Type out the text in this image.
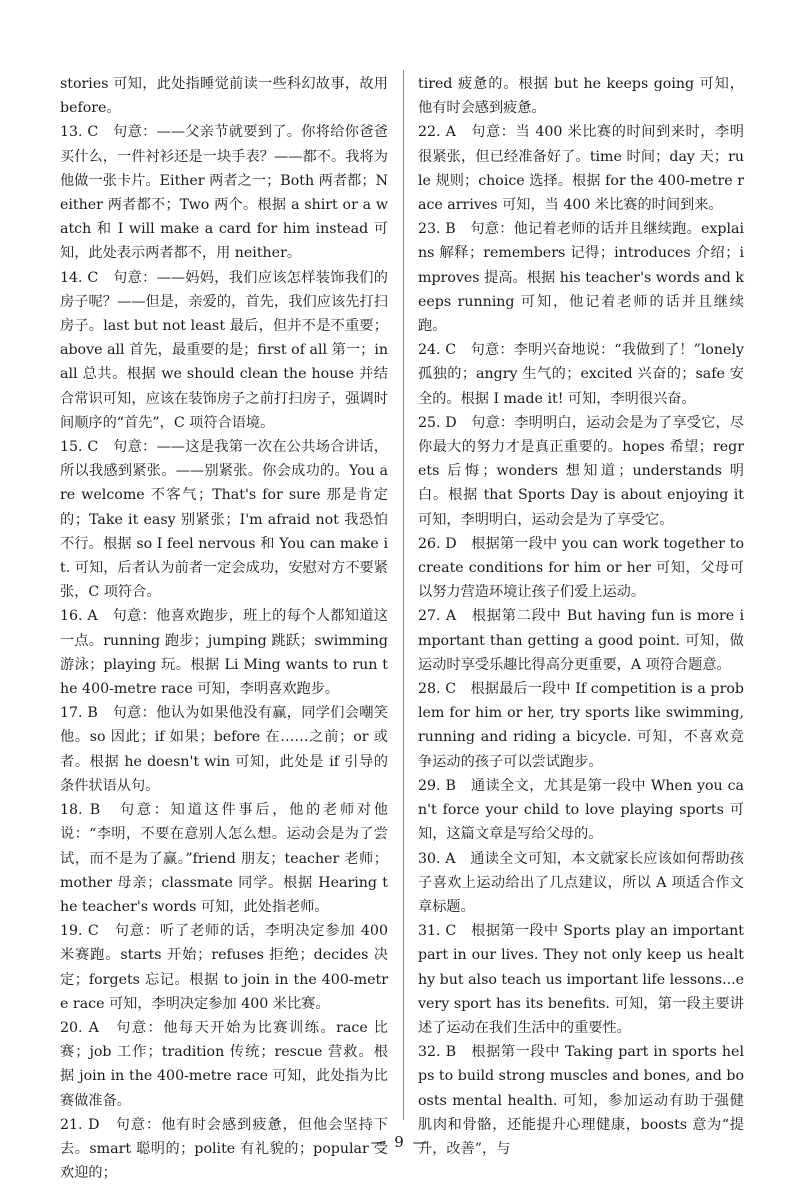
stories 可知，此处指睡觉前读一些科幻故事，故用 before。

13. C　句意：——父亲节就要到了。你将给你爸爸买什么，一件衬衫还是一块手表？——都不。我将为他做一张卡片。Either 两者之一；Both 两者都；Neither 两者都不；Two 两个。根据 a shirt or a watch 和 I will make a card for him instead 可知，此处表示两者都不，用 neither。

14. C　句意：——妈妈，我们应该怎样装饰我们的房子呢？——但是，亲爱的，首先，我们应该先打扫房子。last but not least 最后，但并不是不重要；above all 首先，最重要的是；first of all 第一；in all 总共。根据 we should clean the house 并结合常识可知，应该在装饰房子之前打扫房子，强调时间顺序的“首先”，C 项符合语境。

15. C　句意：——这是我第一次在公共场合讲话，所以我感到紧张。——别紧张。你会成功的。You are welcome 不客气；That's for sure 那是肯定的；Take it easy 别紧张；I'm afraid not 我恐怕不行。根据 so I feel nervous 和 You can make it. 可知，后者认为前者一定会成功，安慰对方不要紧张，C 项符合。

16. A　句意：他喜欢跑步，班上的每个人都知道这一点。running 跑步；jumping 跳跃；swimming 游泳；playing 玩。根据 Li Ming wants to run the 400-metre race 可知，李明喜欢跑步。

17. B　句意：他认为如果他没有赢，同学们会嘲笑他。so 因此；if 如果；before 在……之前；or 或者。根据 he doesn't win 可知，此处是 if 引导的条件状语从句。

18. B　句意：知道这件事后，他的老师对他说：“李明，不要在意别人怎么想。运动会是为了尝试，而不是为了赢。”friend 朋友；teacher 老师；mother 母亲；classmate 同学。根据 Hearing the teacher's words 可知，此处指老师。

19. C　句意：听了老师的话，李明决定参加 400 米赛跑。starts 开始；refuses 拒绝；decides 决定；forgets 忘记。根据 to join in the 400-metre race 可知，李明决定参加 400 米比赛。

20. A　句意：他每天开始为比赛训练。race 比赛；job 工作；tradition 传统；rescue 营救。根据 join in the 400-metre race 可知，此处指为比赛做准备。

21. D　句意：他有时会感到疲惫，但他会坚持下去。smart 聪明的；polite 有礼貌的；popular 受欢迎的；

tired 疲惫的。根据 but he keeps going 可知，他有时会感到疲惫。

22. A　句意：当 400 米比赛的时间到来时，李明很紧张，但已经准备好了。time 时间；day 天；rule 规则；choice 选择。根据 for the 400-metre race arrives 可知，当 400 米比赛的时间到来。

23. B　句意：他记着老师的话并且继续跑。explains 解释；remembers 记得；introduces 介绍；improves 提高。根据 his teacher's words and keeps running 可知，他记着老师的话并且继续跑。

24. C　句意：李明兴奋地说：“我做到了！”lonely 孤独的；angry 生气的；excited 兴奋的；safe 安全的。根据 I made it! 可知，李明很兴奋。

25. D　句意：李明明白，运动会是为了享受它，尽你最大的努力才是真正重要的。hopes 希望；regrets 后悔；wonders 想知道；understands 明白。根据 that Sports Day is about enjoying it 可知，李明明白，运动会是为了享受它。

26. D　根据第一段中 you can work together to create conditions for him or her 可知，父母可以努力营造环境让孩子们爱上运动。

27. A　根据第二段中 But having fun is more important than getting a good point. 可知，做运动时享受乐趣比得高分更重要，A 项符合题意。

28. C　根据最后一段中 If competition is a problem for him or her, try sports like swimming, running and riding a bicycle. 可知，不喜欢竞争运动的孩子可以尝试跑步。

29. B　通读全文，尤其是第一段中 When you can't force your child to love playing sports 可知，这篇文章是写给父母的。

30. A　通读全文可知，本文就家长应该如何帮助孩子喜欢上运动给出了几点建议，所以 A 项适合作文章标题。

31. C　根据第一段中 Sports play an important part in our lives. They not only keep us healthy but also teach us important life lessons...every sport has its benefits. 可知，第一段主要讲述了运动在我们生活中的重要性。

32. B　根据第一段中 Taking part in sports helps to build strong muscles and bones, and boosts mental health. 可知，参加运动有助于强健肌肉和骨骼，还能提升心理健康，boosts 意为“提升，改善”，与

— 9 —
